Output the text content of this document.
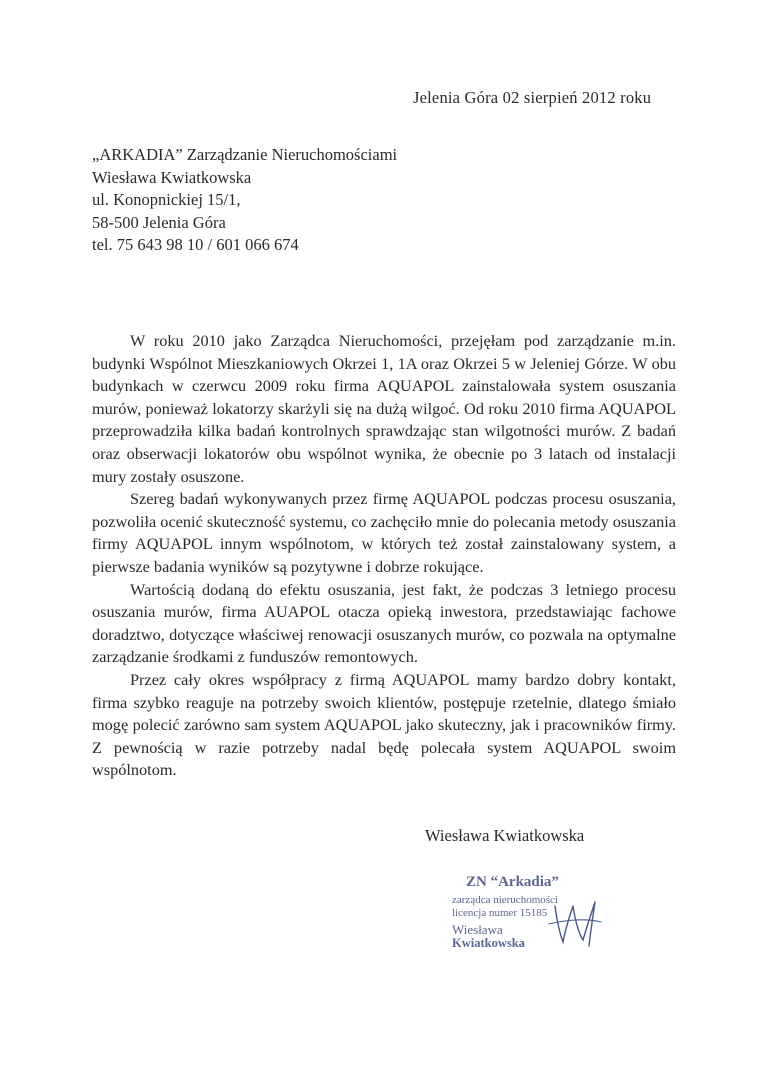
Jelenia Góra 02 sierpień 2012 roku
„ARKADIA” Zarządzanie Nieruchomościami
Wiesława Kwiatkowska
ul. Konopnickiej 15/1,
58-500 Jelenia Góra
tel. 75 643 98 10 / 601 066 674

W roku 2010 jako Zarządca Nieruchomości, przejęłam pod zarządzanie m.in. budynki Wspólnot Mieszkaniowych Okrzei 1, 1A oraz Okrzei 5 w Jeleniej Górze. W obu budynkach w czerwcu 2009 roku firma AQUAPOL zainstalowała system osuszania murów, ponieważ lokatorzy skarżyli się na dużą wilgoć. Od roku 2010 firma AQUAPOL przeprowadziła kilka badań kontrolnych sprawdzając stan wilgotności murów. Z badań oraz obserwacji lokatorów obu wspólnot wynika, że obecnie po 3 latach od instalacji mury zostały osuszone.

Szereg badań wykonywanych przez firmę AQUAPOL podczas procesu osuszania, pozwoliła ocenić skuteczność systemu, co zachęciło mnie do polecania metody osuszania firmy AQUAPOL innym wspólnotom, w których też został zainstalowany system, a pierwsze badania wyników są pozytywne i dobrze rokujące.

Wartością dodaną do efektu osuszania, jest fakt, że podczas 3 letniego procesu osuszania murów, firma AUAPOL otacza opieką inwestora, przedstawiając fachowe doradztwo, dotyczące właściwej renowacji osuszanych murów, co pozwala na optymalne zarządzanie środkami z funduszów remontowych.

Przez cały okres współpracy z firmą AQUAPOL mamy bardzo dobry kontakt, firma szybko reaguje na potrzeby swoich klientów, postępuje rzetelnie, dlatego śmiało mogę polecić zarówno sam system AQUAPOL jako skuteczny, jak i pracowników firmy. Z pewnością w razie potrzeby nadal będę polecała system AQUAPOL swoim wspólnotom.

Wiesława Kwiatkowska
ZN “Arkadia”
zarządca nieruchomości
licencja numer 15185
Wiesława
Kwiatkowska
